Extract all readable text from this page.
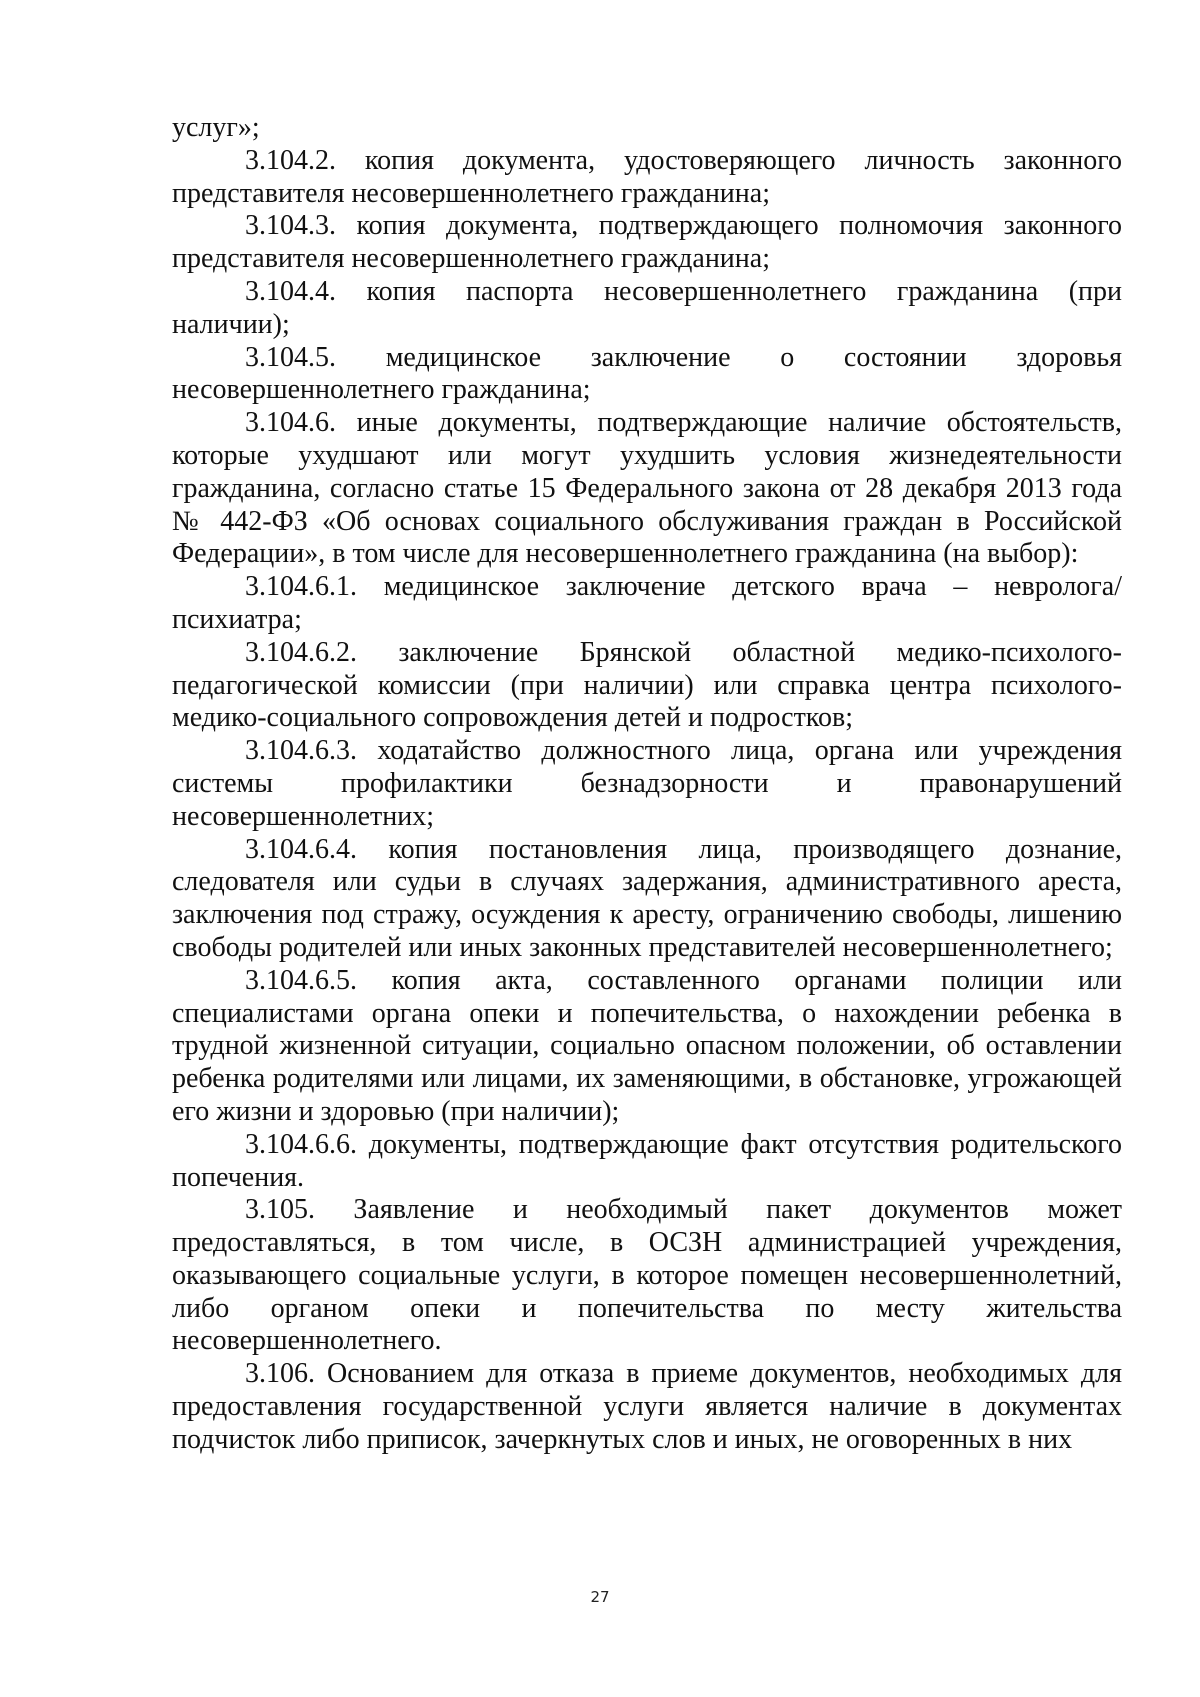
услуг»;

3.104.2. копия документа, удостоверяющего личность законного представителя несовершеннолетнего гражданина;

3.104.3. копия документа, подтверждающего полномочия законного представителя несовершеннолетнего гражданина;

3.104.4. копия паспорта несовершеннолетнего гражданина (при наличии);

3.104.5. медицинское заключение о состоянии здоровья несовершеннолетнего гражданина;

3.104.6. иные документы, подтверждающие наличие обстоятельств, которые ухудшают или могут ухудшить условия жизнедеятельности гражданина, согласно статье 15 Федерального закона от 28 декабря 2013 года № 442-ФЗ «Об основах социального обслуживания граждан в Российской Федерации», в том числе для несовершеннолетнего гражданина (на выбор):

3.104.6.1. медицинское заключение детского врача – невролога/ психиатра;

3.104.6.2. заключение Брянской областной медико-психолого-педагогической комиссии (при наличии) или справка центра психолого-медико-социального сопровождения детей и подростков;

3.104.6.3. ходатайство должностного лица, органа или учреждения системы профилактики безнадзорности и правонарушений несовершеннолетних;

3.104.6.4. копия постановления лица, производящего дознание, следователя или судьи в случаях задержания, административного ареста, заключения под стражу, осуждения к аресту, ограничению свободы, лишению свободы родителей или иных законных представителей несовершеннолетнего;

3.104.6.5. копия акта, составленного органами полиции или специалистами органа опеки и попечительства, о нахождении ребенка в трудной жизненной ситуации, социально опасном положении, об оставлении ребенка родителями или лицами, их заменяющими, в обстановке, угрожающей его жизни и здоровью (при наличии);

3.104.6.6. документы, подтверждающие факт отсутствия родительского попечения.

3.105. Заявление и необходимый пакет документов может предоставляться, в том числе, в ОСЗН администрацией учреждения, оказывающего социальные услуги, в которое помещен несовершеннолетний, либо органом опеки и попечительства по месту жительства несовершеннолетнего.

3.106. Основанием для отказа в приеме документов, необходимых для предоставления государственной услуги является наличие в документах подчисток либо приписок, зачеркнутых слов и иных, не оговоренных в них

27
